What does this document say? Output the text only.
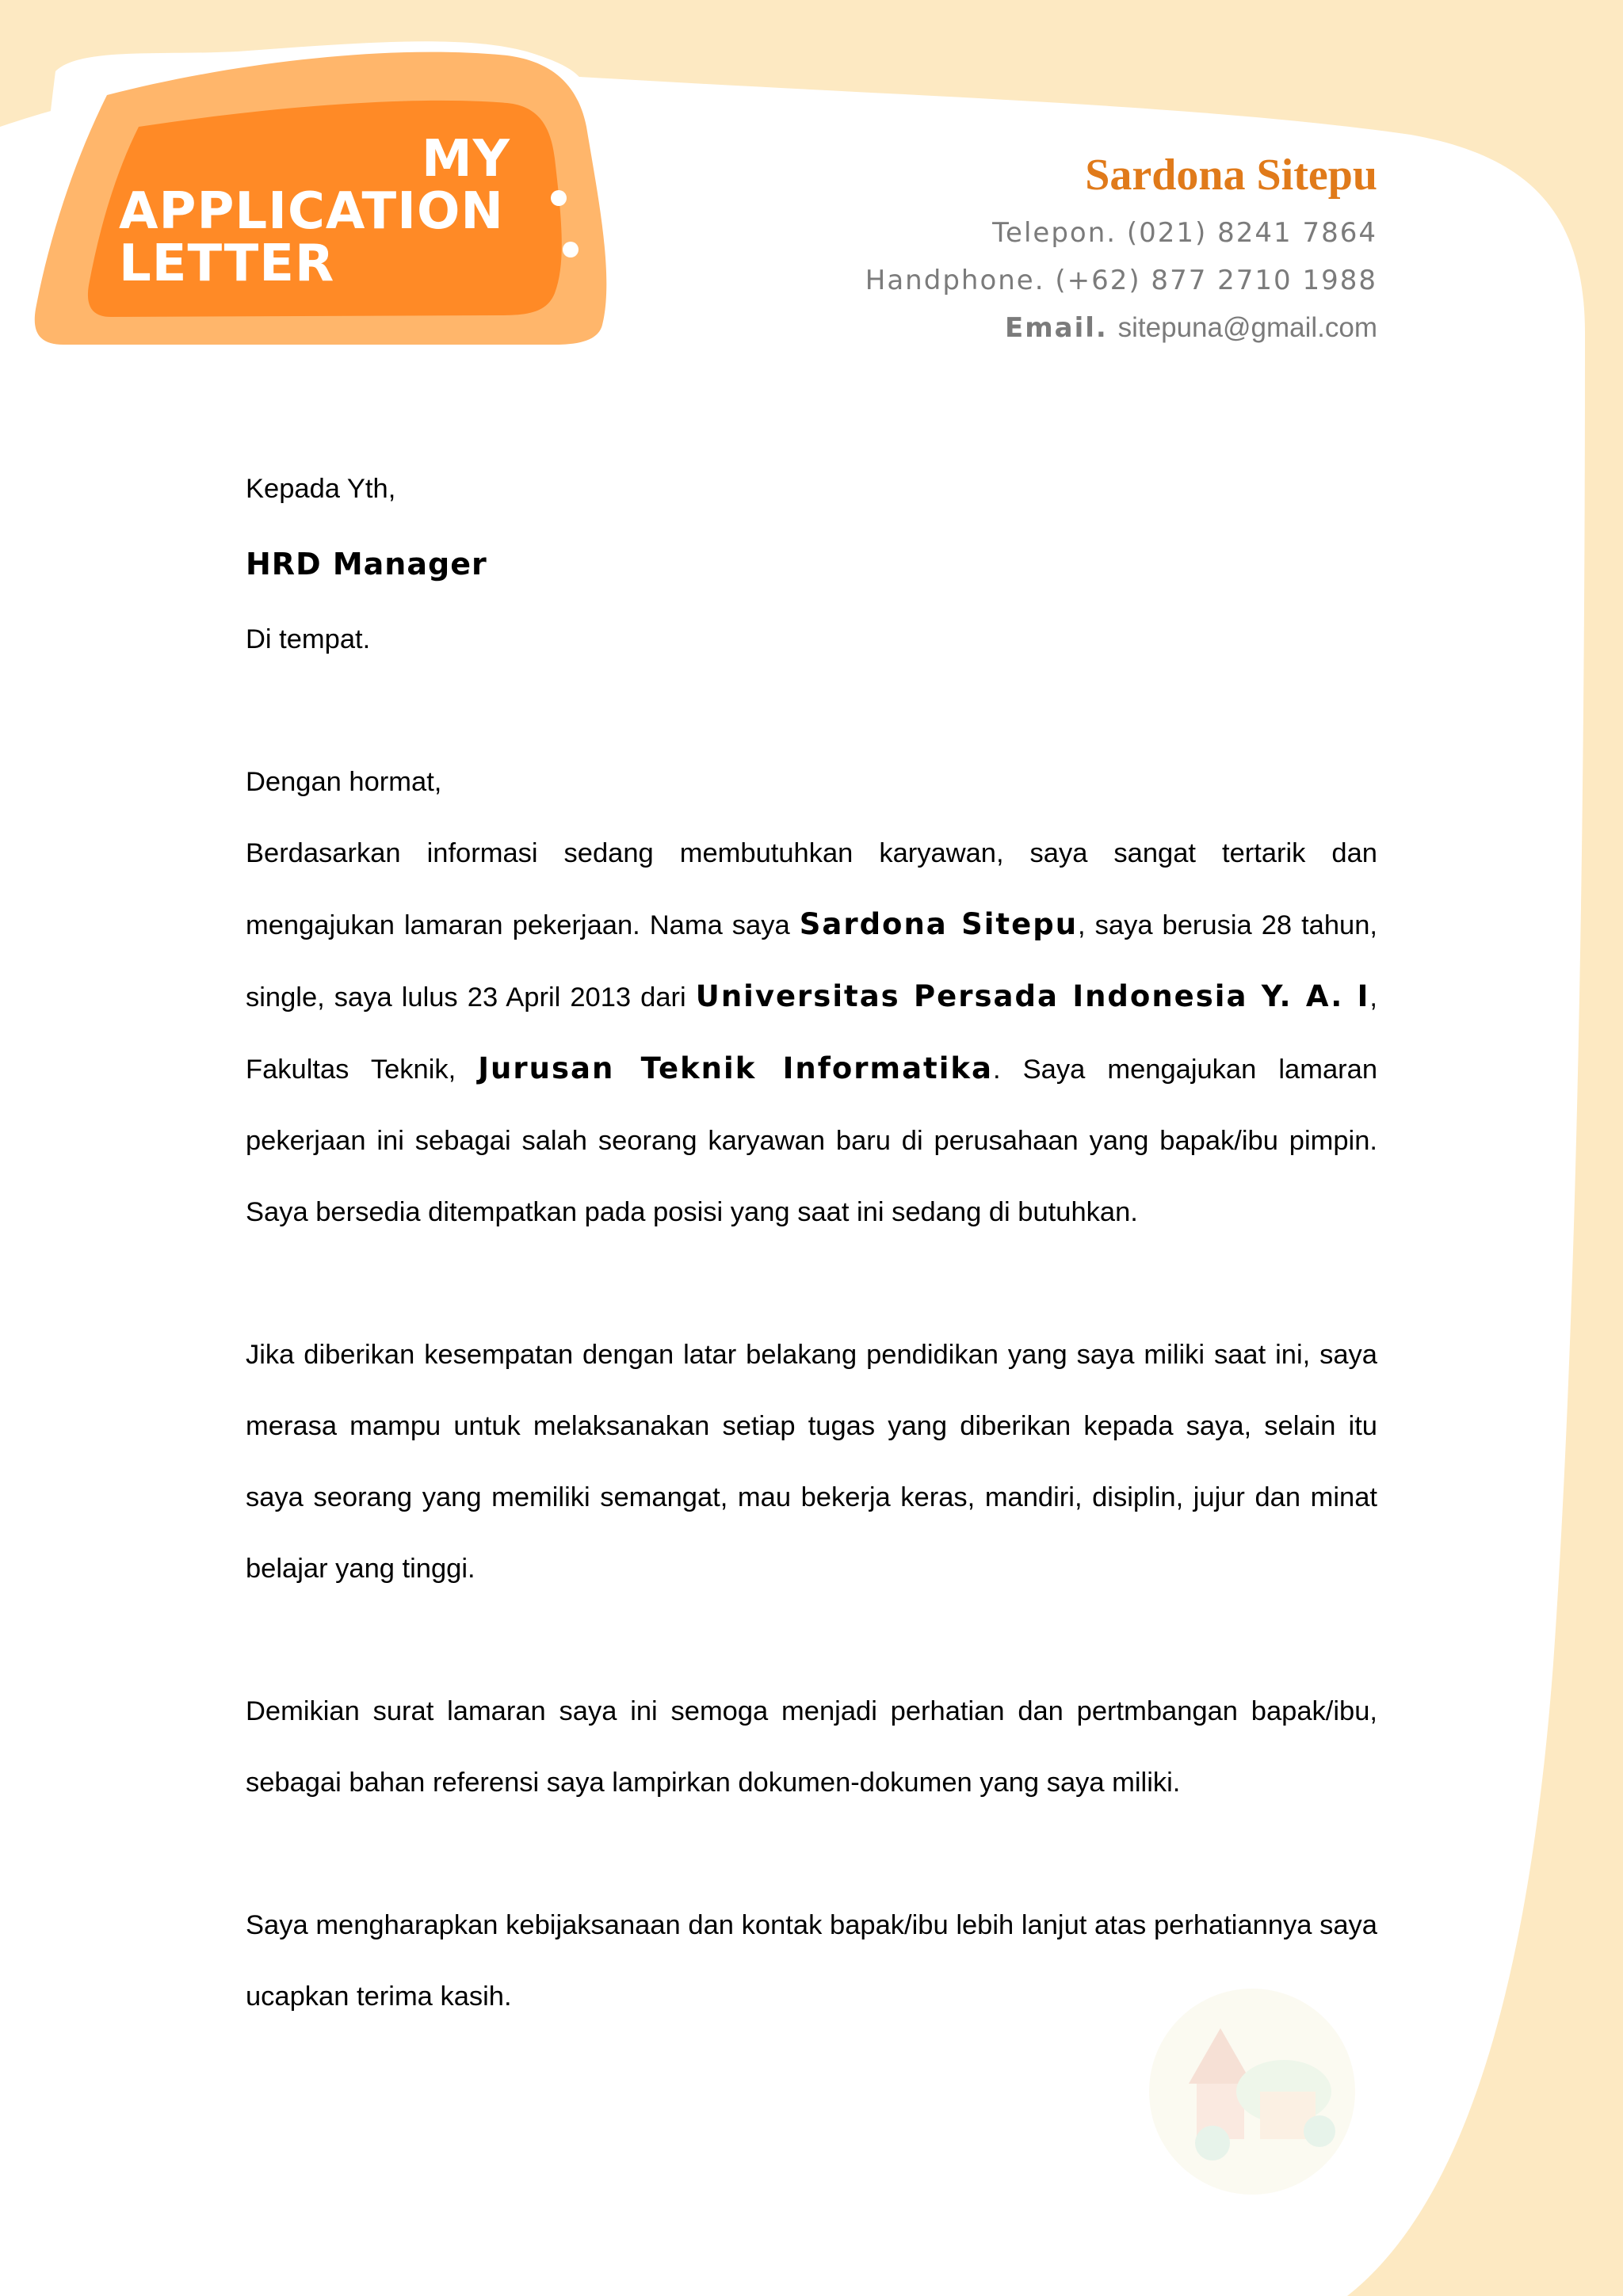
MY
APPLICATION
LETTER
Sardona Sitepu
Telepon. (021) 8241 7864
Handphone. (+62) 877 2710 1988
Email. sitepuna@gmail.com

Kepada Yth,

HRD Manager

Di tempat.

Dengan hormat,

Berdasarkan informasi sedang membutuhkan karyawan, saya sangat tertarik dan mengajukan lamaran pekerjaan. Nama saya Sardona Sitepu, saya berusia 28 tahun, single, saya lulus 23 April 2013 dari Universitas Persada Indonesia Y. A. I, Fakultas Teknik, Jurusan Teknik Informatika. Saya mengajukan lamaran pekerjaan ini sebagai salah seorang karyawan baru di perusahaan yang bapak/ibu pimpin. Saya bersedia ditempatkan pada posisi yang saat ini sedang di butuhkan.

Jika diberikan kesempatan dengan latar belakang pendidikan yang saya miliki saat ini, saya merasa mampu untuk melaksanakan setiap tugas yang diberikan kepada saya, selain itu saya seorang yang memiliki semangat, mau bekerja keras, mandiri, disiplin, jujur dan minat belajar yang tinggi.

Demikian surat lamaran saya ini semoga menjadi perhatian dan pertmbangan bapak/ibu, sebagai bahan referensi saya lampirkan dokumen-dokumen yang saya miliki.

Saya mengharapkan kebijaksanaan dan kontak bapak/ibu lebih lanjut atas perhatiannya saya ucapkan terima kasih.
